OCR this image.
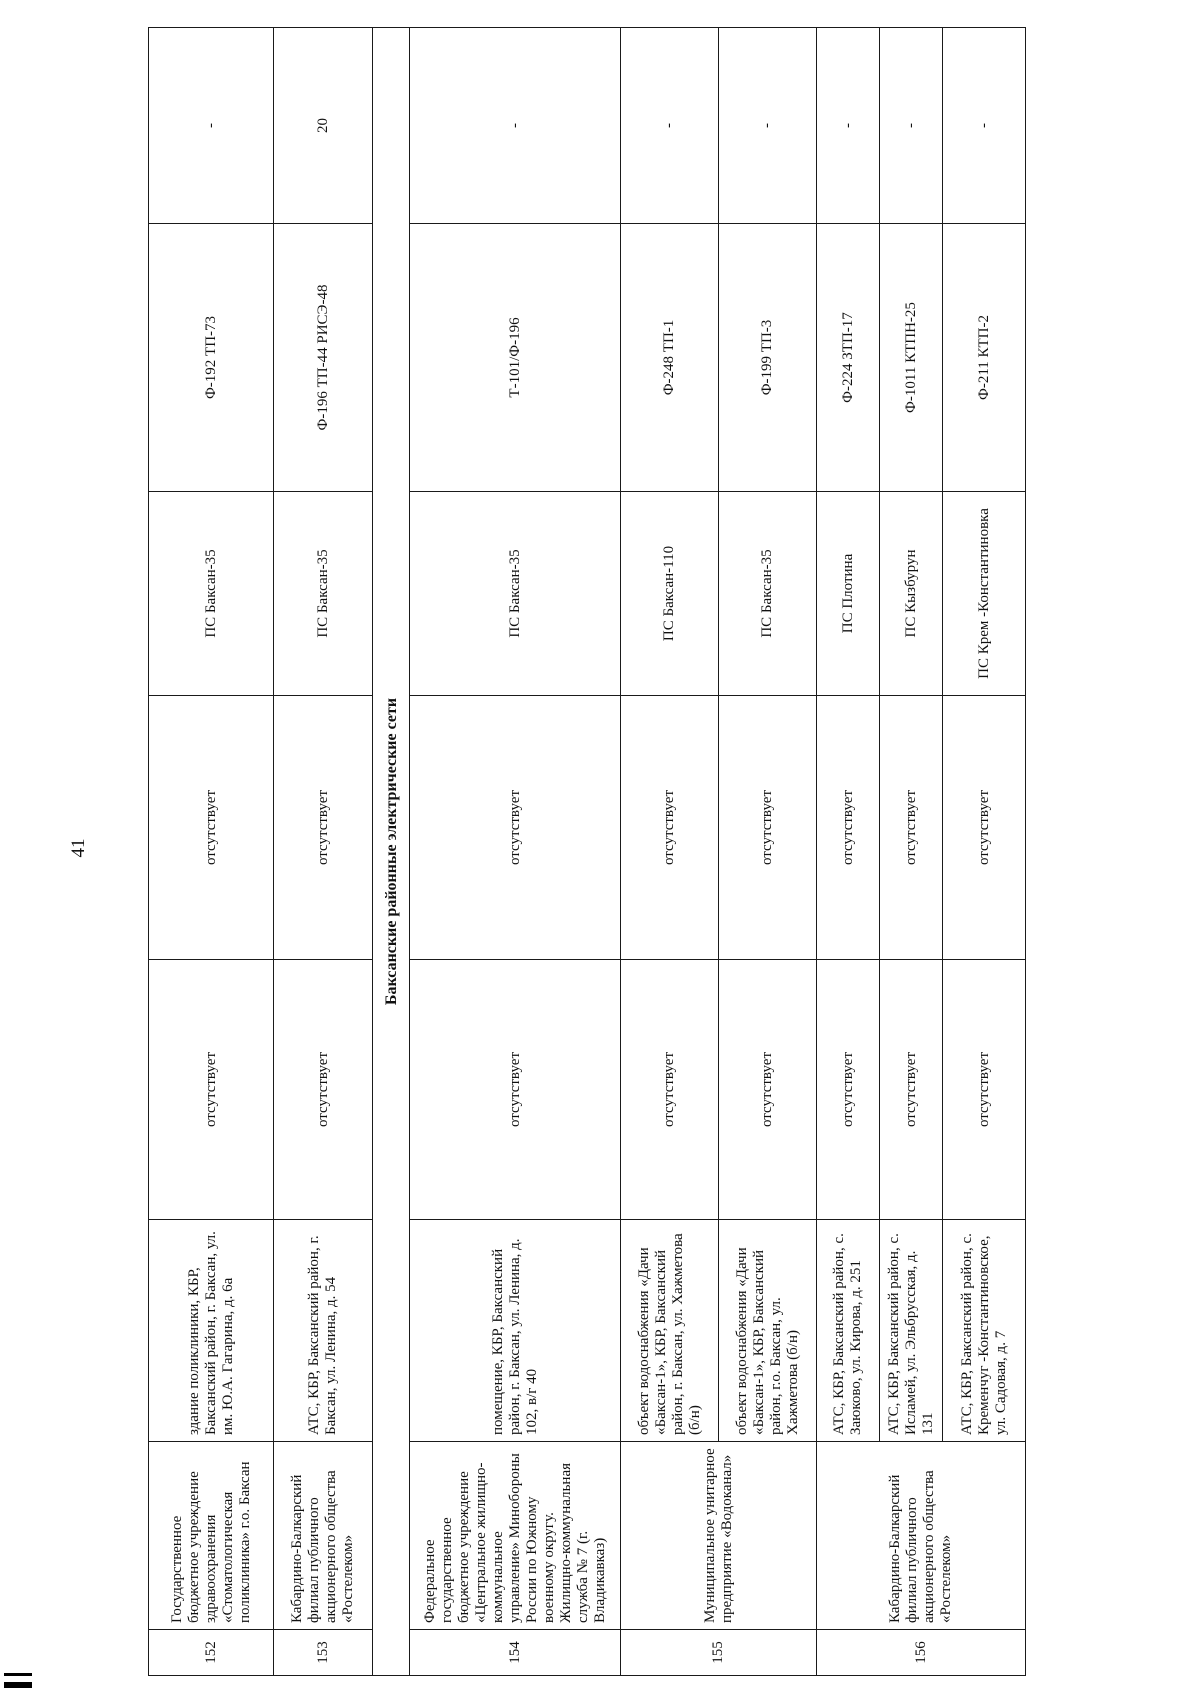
41
152	Государственное бюджетное учреждение здравоохранения «Стоматологическая поликлиника» г.о. Баксан	здание поликлиники, КБР, Баксанский район, г. Баксан, ул. им. Ю.А. Гагарина, д. 6а	отсутствует	отсутствует	ПС Баксан-35	Ф-192 ТП-73	-
153	Кабардино-Балкарский филиал публичного акционерного общества «Ростелеком»	АТС, КБР, Баксанский район, г. Баксан, ул. Ленина, д. 54	отсутствует	отсутствует	ПС Баксан-35	Ф-196 ТП-44 РИСЭ-48	20
Баксанские районные электрические сети							
154	Федеральное государственное бюджетное учреждение «Центральное жилищно-коммунальное управление» Минобороны России по Южному военному округу. Жилищно-коммунальная служба № 7 (г. Владикавказ)	помещение, КБР, Баксанский район, г. Баксан, ул. Ленина, д. 102, в/г 40	отсутствует	отсутствует	ПС Баксан-35	Т-101/Ф-196	-
155	Муниципальное унитарное предприятие «Водоканал»	объект водоснабжения «Дачи «Баксан-1», КБР, Баксанский район, г. Баксан, ул. Хажметова (б/н)	отсутствует	отсутствует	ПС Баксан-110	Ф-248 ТП-1	-
		объект водоснабжения «Дачи «Баксан-1», КБР, Баксанский район, г.о. Баксан, ул. Хажметова (б/н)	отсутствует	отсутствует	ПС Баксан-35	Ф-199 ТП-3	-
156	Кабардино-Балкарский филиал публичного акционерного общества «Ростелеком»	АТС, КБР, Баксанский район, с. Заюково, ул. Кирова, д. 251	отсутствует	отсутствует	ПС Плотина	Ф-224 ЗТП-17	-
		АТС, КБР, Баксанский район, с. Исламей, ул. Эльбрусская, д. 131	отсутствует	отсутствует	ПС Кызбурун	Ф-1011 КТПН-25	-
		АТС, КБР, Баксанский район, с. Кременчуг -Константиновское, ул. Садовая, д. 7	отсутствует	отсутствует	ПС Крем -Константиновка	Ф-211 КТП-2	-
